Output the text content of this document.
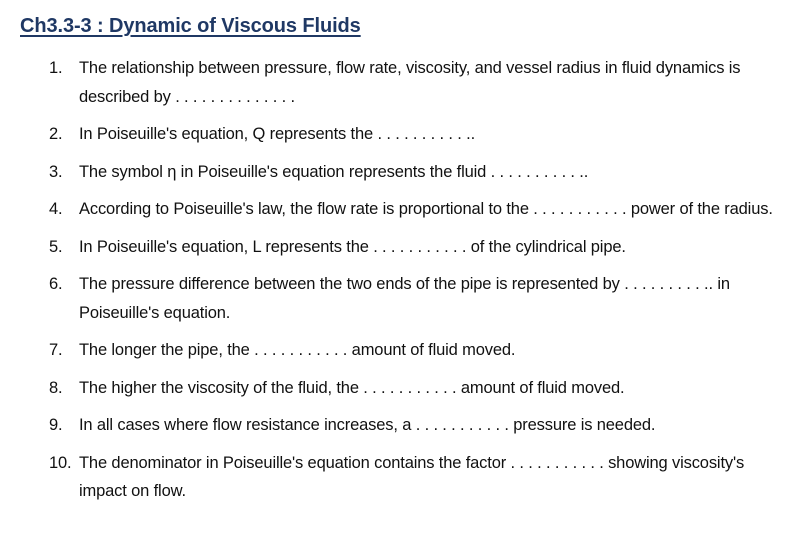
Ch3.3-3 : Dynamic of Viscous Fluids
1.	The relationship between pressure, flow rate, viscosity, and vessel radius in fluid dynamics is described by . . . . . . . . . . . . . .
2.	In Poiseuille's equation, Q represents the . . . . . . . . . . ..
3.	The symbol η in Poiseuille's equation represents the fluid . . . . . . . . . . ..
4.	According to Poiseuille's law, the flow rate is proportional to the . . . . . . . . . . . power of the radius.
5.	In Poiseuille's equation, L represents the . . . . . . . . . . . of the cylindrical pipe.
6.	The pressure difference between the two ends of the pipe is represented by . . . . . . . . . .. in Poiseuille's equation.
7.	The longer the pipe, the . . . . . . . . . . . amount of fluid moved.
8.	The higher the viscosity of the fluid, the . . . . . . . . . . . amount of fluid moved.
9.	In all cases where flow resistance increases, a . . . . . . . . . . . pressure is needed.
10. The denominator in Poiseuille's equation contains the factor . . . . . . . . . . . showing viscosity's impact on flow.
